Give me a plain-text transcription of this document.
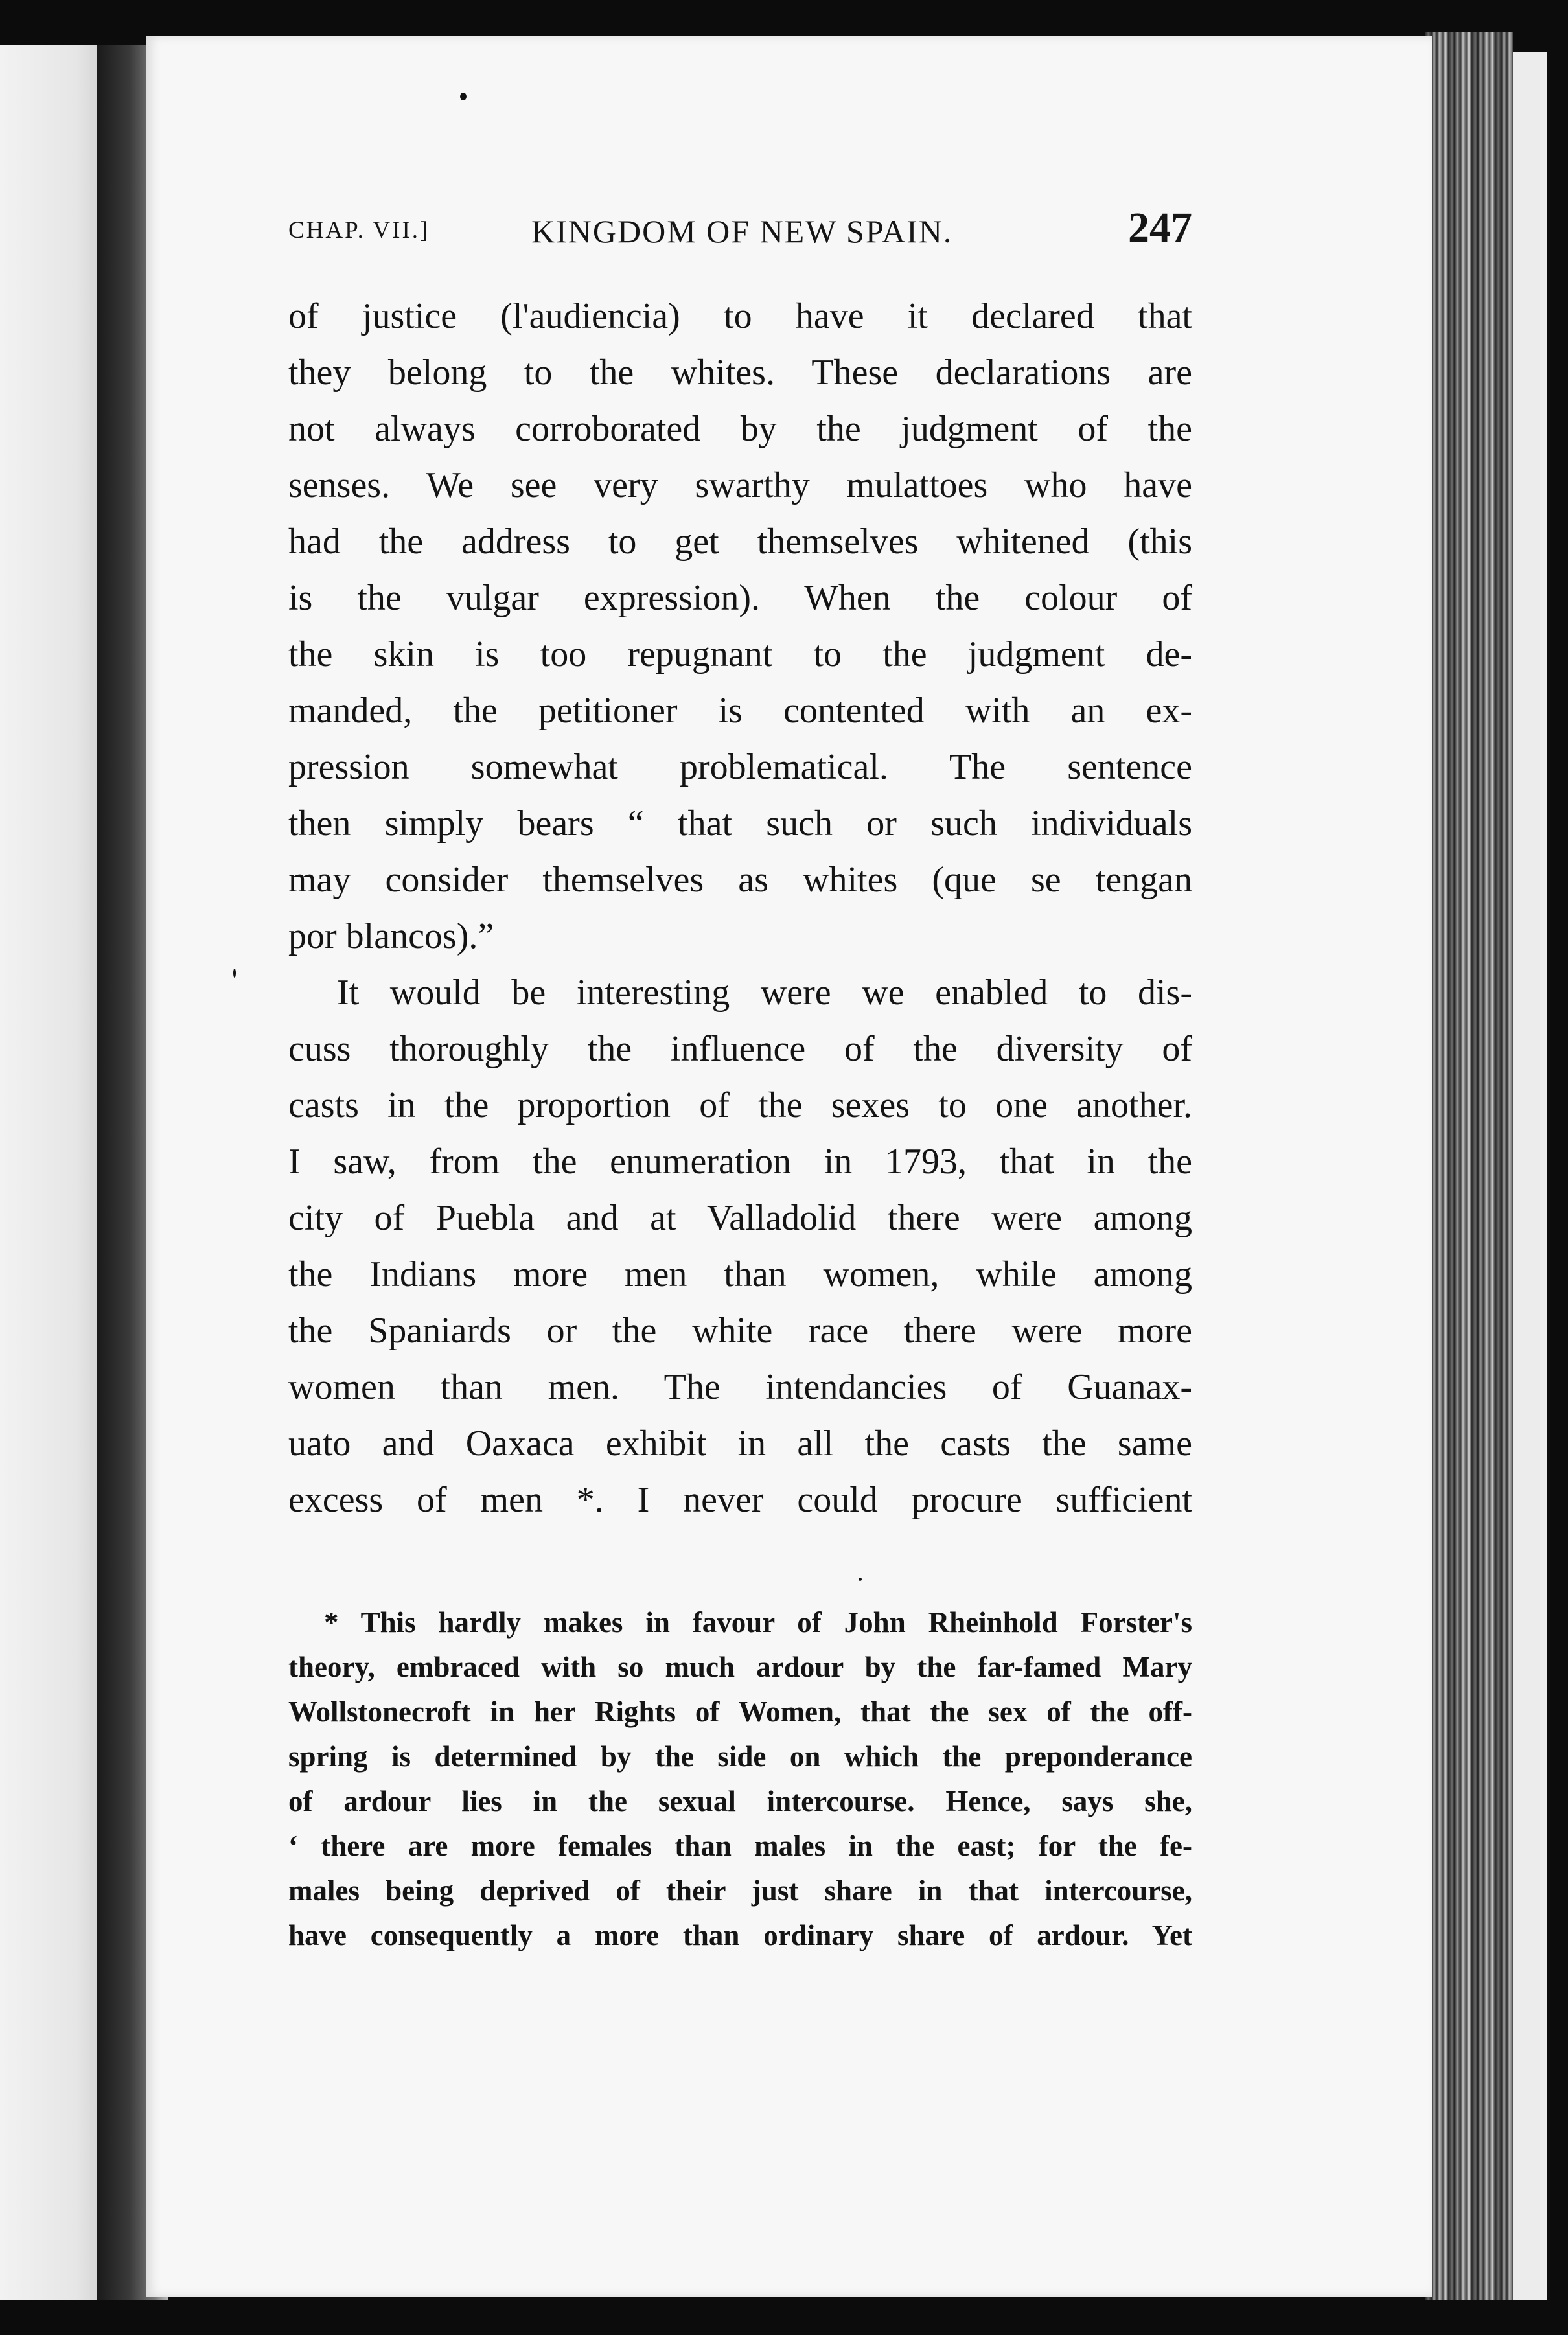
CHAP. VII.]	KINGDOM OF NEW SPAIN.	247
of justice (l'audiencia) to have it declared that
they belong to the whites. These declarations are
not always corroborated by the judgment of the
senses. We see very swarthy mulattoes who have
had the address to get themselves whitened (this
is the vulgar expression). When the colour of
the skin is too repugnant to the judgment de-
manded, the petitioner is contented with an ex-
pression somewhat problematical. The sentence
then simply bears “ that such or such individuals
may consider themselves as whites (que se tengan
por blancos).”
It would be interesting were we enabled to dis-
cuss thoroughly the influence of the diversity of
casts in the proportion of the sexes to one another.
I saw, from the enumeration in 1793, that in the
city of Puebla and at Valladolid there were among
the Indians more men than women, while among
the Spaniards or the white race there were more
women than men. The intendancies of Guanax-
uato and Oaxaca exhibit in all the casts the same
excess of men *. I never could procure sufficient
* This hardly makes in favour of John Rheinhold Forster's
theory, embraced with so much ardour by the far-famed Mary
Wollstonecroft in her Rights of Women, that the sex of the off-
spring is determined by the side on which the preponderance
of ardour lies in the sexual intercourse. Hence, says she,
‘ there are more females than males in the east; for the fe-
males being deprived of their just share in that intercourse,
have consequently a more than ordinary share of ardour. Yet
